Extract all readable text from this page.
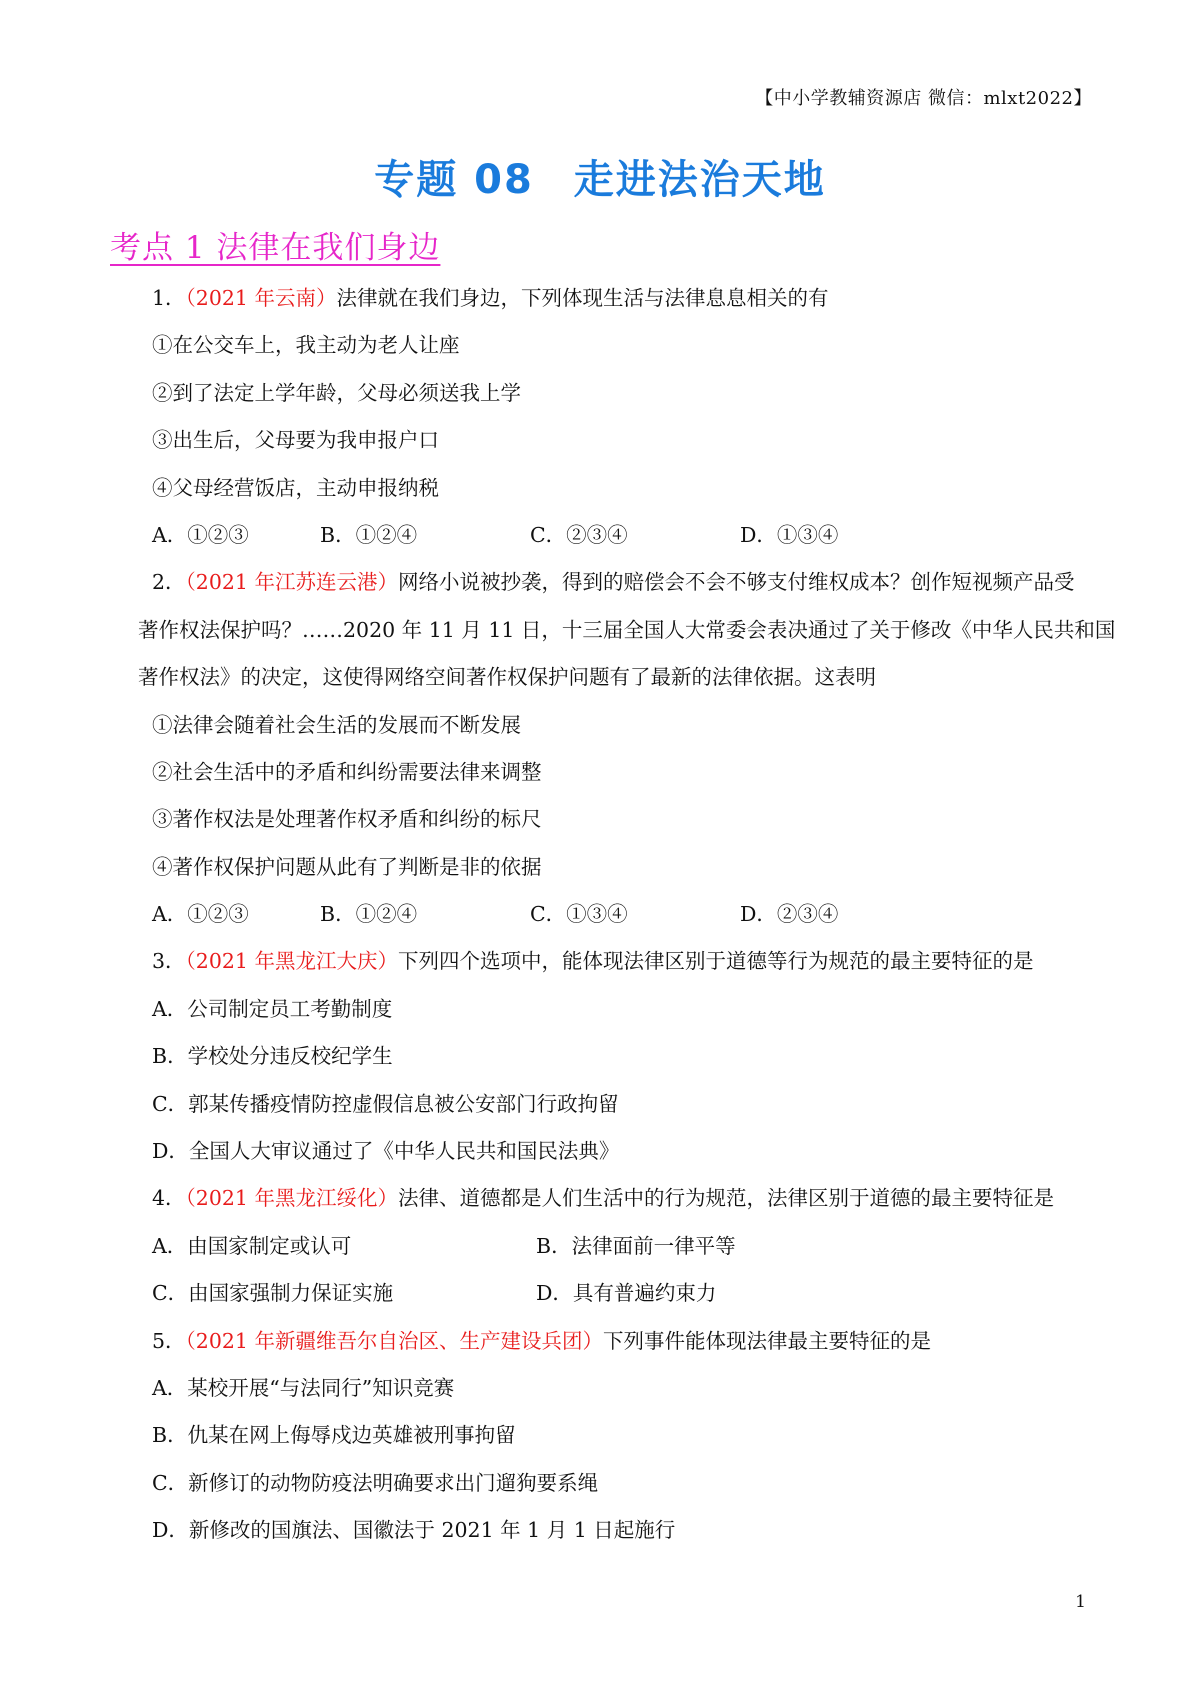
【中小学教辅资源店 微信：mlxt2022】
专题 08 走进法治天地
考点 1 法律在我们身边
1．（2021 年云南）法律就在我们身边，下列体现生活与法律息息相关的有
①在公交车上，我主动为老人让座
②到了法定上学年龄，父母必须送我上学
③出生后，父母要为我申报户口
④父母经营饭店，主动申报纳税
A．①②③	B．①②④	C．②③④	D．①③④
2．（2021 年江苏连云港）网络小说被抄袭，得到的赔偿会不会不够支付维权成本？创作短视频产品受
著作权法保护吗？……2020 年 11 月 11 日，十三届全国人大常委会表决通过了关于修改《中华人民共和国
著作权法》的决定，这使得网络空间著作权保护问题有了最新的法律依据。这表明
①法律会随着社会生活的发展而不断发展
②社会生活中的矛盾和纠纷需要法律来调整
③著作权法是处理著作权矛盾和纠纷的标尺
④著作权保护问题从此有了判断是非的依据
A．①②③	B．①②④	C．①③④	D．②③④
3．（2021 年黑龙江大庆）下列四个选项中，能体现法律区别于道德等行为规范的最主要特征的是
A．公司制定员工考勤制度
B．学校处分违反校纪学生
C．郭某传播疫情防控虚假信息被公安部门行政拘留
D．全国人大审议通过了《中华人民共和国民法典》
4．（2021 年黑龙江绥化）法律、道德都是人们生活中的行为规范，法律区别于道德的最主要特征是
A．由国家制定或认可	B．法律面前一律平等
C．由国家强制力保证实施	D．具有普遍约束力
5．（2021 年新疆维吾尔自治区、生产建设兵团）下列事件能体现法律最主要特征的是
A．某校开展“与法同行”知识竞赛
B．仇某在网上侮辱戍边英雄被刑事拘留
C．新修订的动物防疫法明确要求出门遛狗要系绳
D．新修改的国旗法、国徽法于 2021 年 1 月 1 日起施行
1
